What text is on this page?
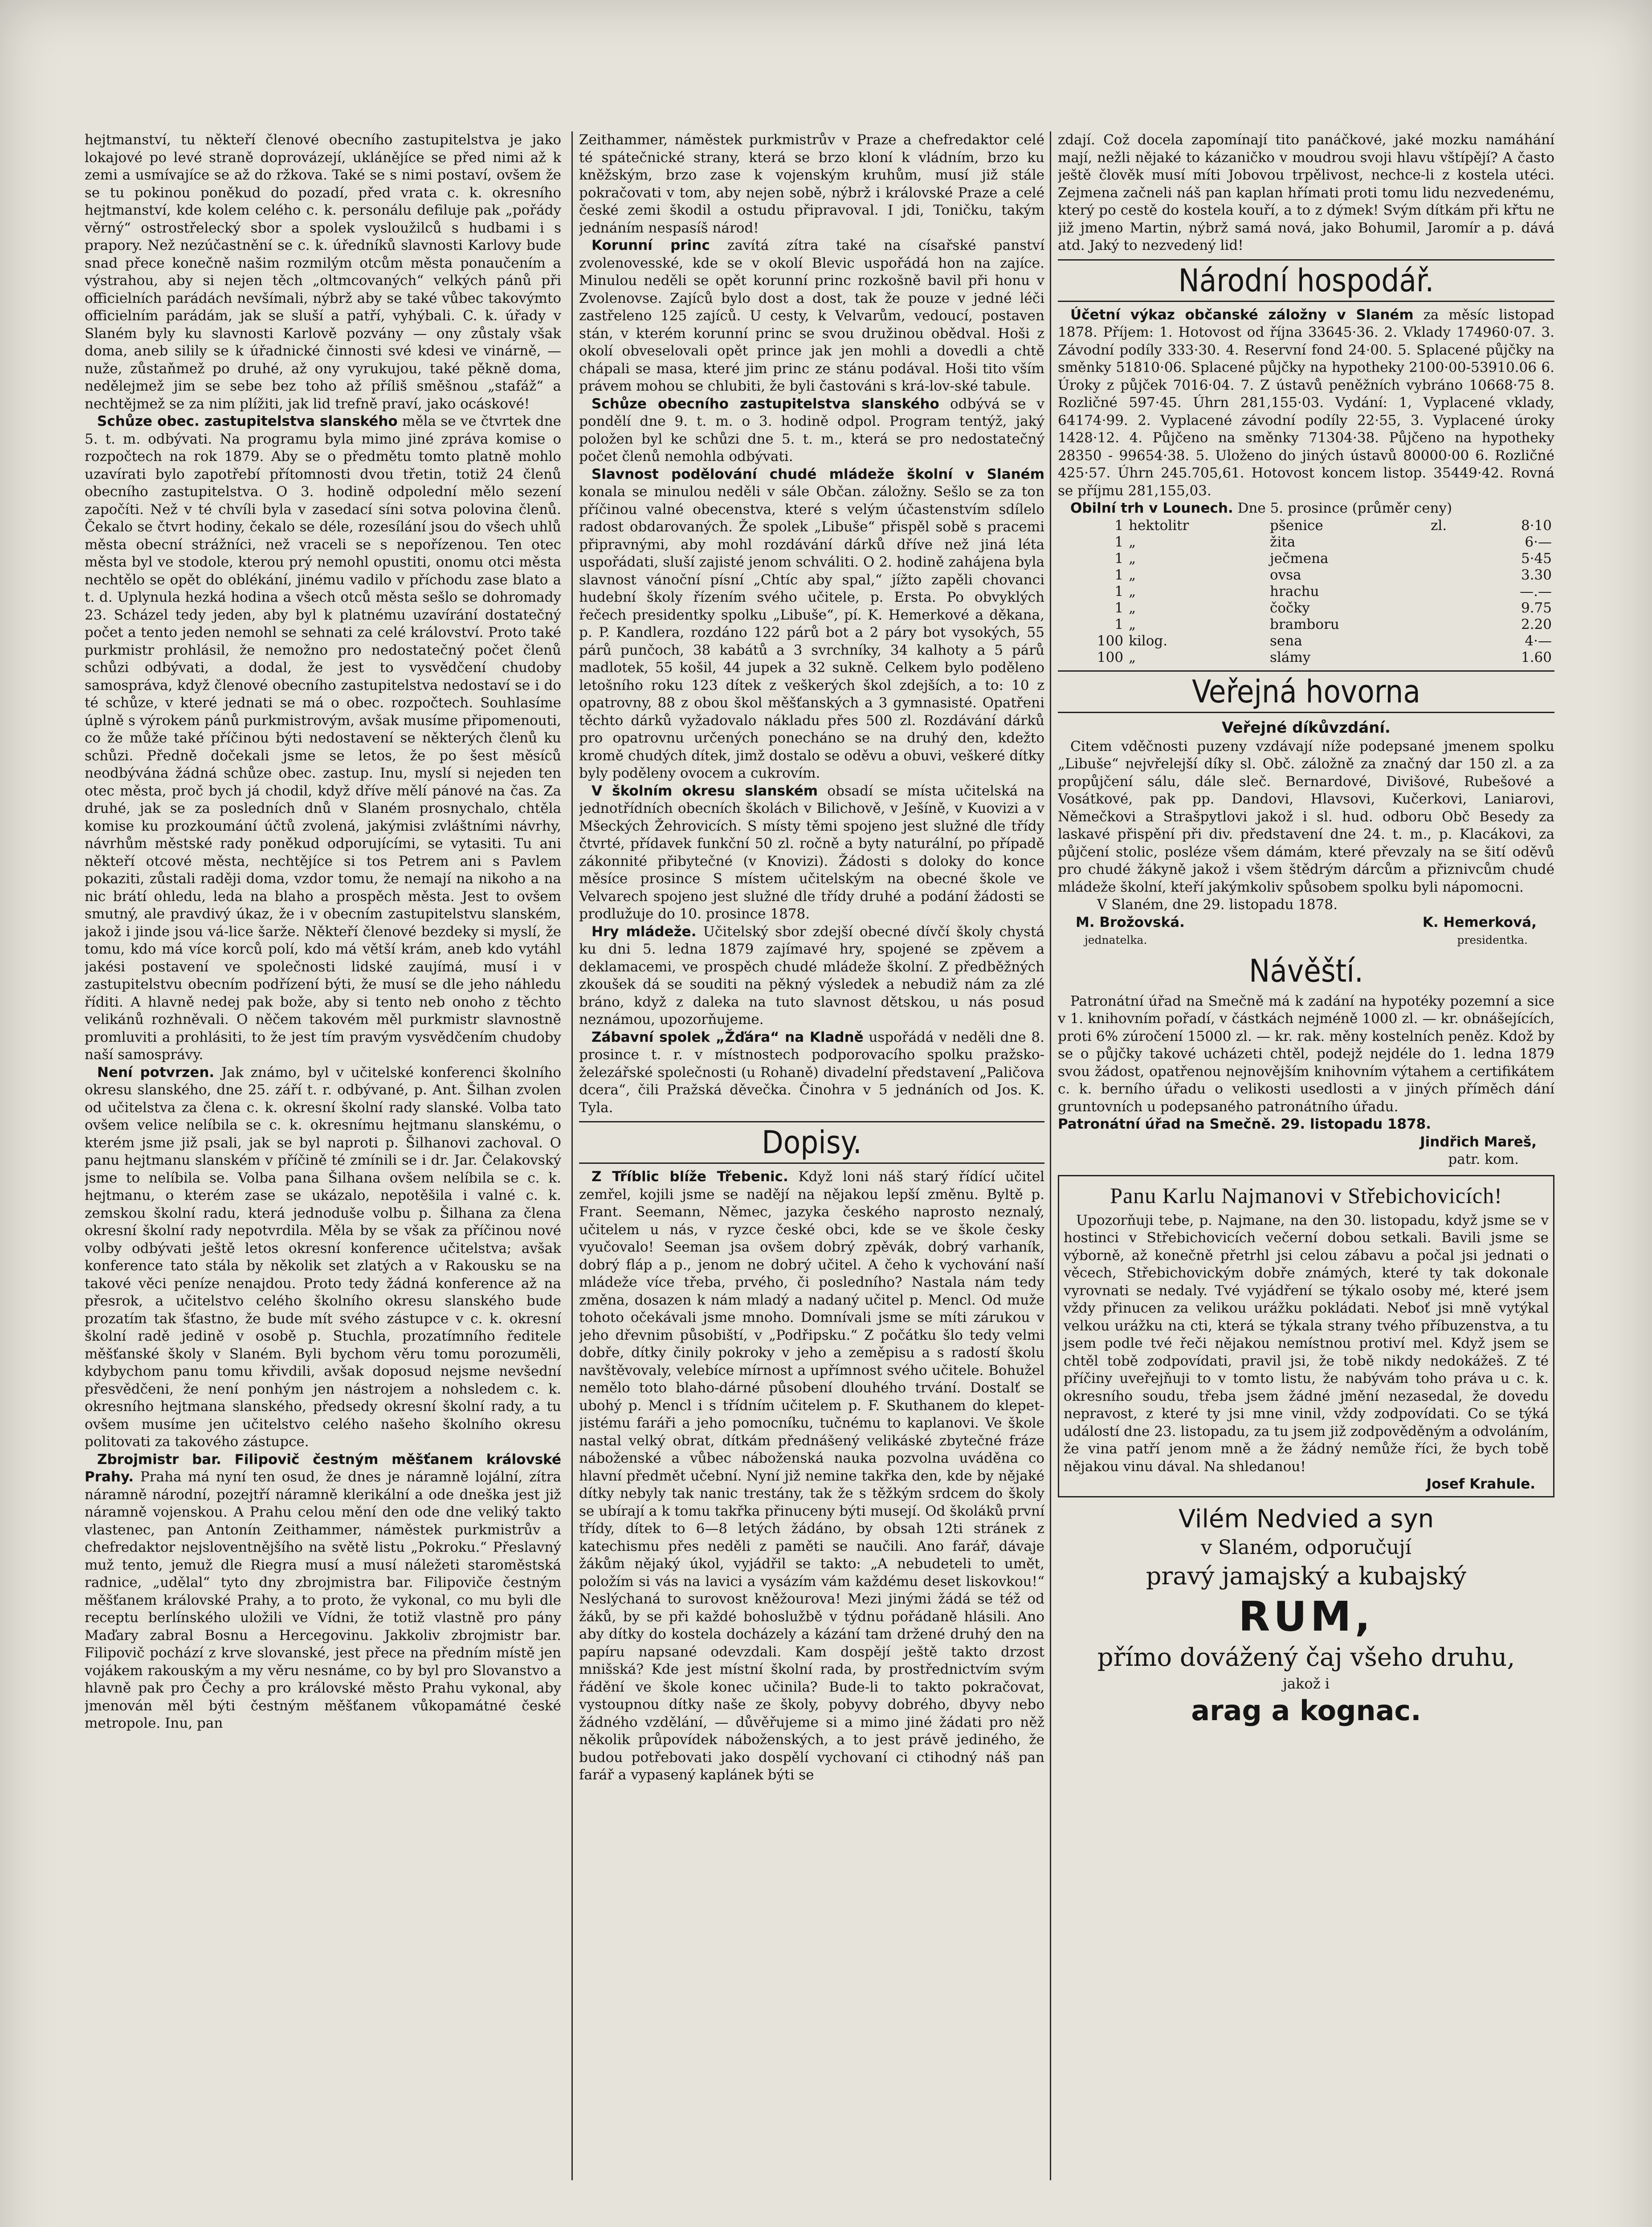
hejtmanství, tu někteří členové obecního zastupitelstva je jako lokajové po levé straně doprovázejí, uklánějíce se před nimi až k zemi a usmívajíce se až do ržkova. Také se s nimi postaví, ovšem že se tu pokinou poněkud do pozadí, před vrata c. k. okresního hejtmanství, kde kolem celého c. k. personálu defiluje pak „pořády věrný“ ostrostřelecký sbor a spolek vysloužilců s hudbami i s prapory. Než nezúčastnění se c. k. úředníků slavnosti Karlovy bude snad přece konečně našim rozmilým otcům města ponaučením a výstrahou, aby si nejen těch „oltmcovaných“ velkých pánů při officielních parádách nevšímali, nýbrž aby se také vůbec takovýmto officielním parádám, jak se sluší a patří, vyhýbali. C. k. úřady v Slaném byly ku slavnosti Karlově pozvány — ony zůstaly však doma, aneb silily se k úřadnické činnosti své kdesi ve vinárně, — nuže, zůstaňmež po druhé, až ony vyrukujou, také pěkně doma, nedělejmež jim se sebe bez toho až příliš směšnou „stafáž“ a nechtějmež se za nim plížiti, jak lid trefně praví, jako ocáskové!

Schůze obec. zastupitelstva slanského měla se ve čtvrtek dne 5. t. m. odbývati. Na programu byla mimo jiné zpráva komise o rozpočtech na rok 1879. Aby se o předmětu tomto platně mohlo uzavírati bylo zapotřebí přítomnosti dvou třetin, totiž 24 členů obecního zastupitelstva. O 3. hodině odpolední mělo sezení započíti. Než v té chvíli byla v zasedací síni sotva polovina členů. Čekalo se čtvrt hodiny, čekalo se déle, rozesílání jsou do všech uhlů města obecní strážníci, než vraceli se s nepořízenou. Ten otec města byl ve stodole, kterou prý nemohl opustiti, onomu otci města nechtělo se opět do oblékání, jinému vadilo v příchodu zase blato a t. d. Uplynula hezká hodina a všech otců města sešlo se dohromady 23. Scházel tedy jeden, aby byl k platnému uzavírání dostatečný počet a tento jeden nemohl se sehnati za celé království. Proto také purkmistr prohlásil, že nemožno pro nedostatečný počet členů schůzi odbývati, a dodal, že jest to vysvědčení chudoby samospráva, když členové obecního zastupitelstva nedostaví se i do té schůze, v které jednati se má o obec. rozpočtech. Souhlasíme úplně s výrokem pánů purkmistrovým, avšak musíme připomenouti, co že může také příčinou býti nedostavení se některých členů ku schůzi. Předně dočekali jsme se letos, že po šest měsíců neodbývána žádná schůze obec. zastup. Inu, myslí si nejeden ten otec města, proč bych já chodil, když dříve mělí pánové na čas. Za druhé, jak se za posledních dnů v Slaném prosnychalo, chtěla komise ku prozkoumání účtů zvolená, jakýmisi zvláštními návrhy, návrhům městské rady poněkud odporujícími, se vytasiti. Tu ani někteří otcové města, nechtějíce si tos Petrem ani s Pavlem pokaziti, zůstali raději doma, vzdor tomu, že nemají na nikoho a na nic brátí ohledu, leda na blaho a prospěch města. Jest to ovšem smutný, ale pravdivý úkaz, že i v obecním zastupitelstvu slanském, jakož i jinde jsou vá-lice šarže. Někteří členové bezdeky si myslí, že tomu, kdo má více korců polí, kdo má větší krám, aneb kdo vytáhl jakési postavení ve společnosti lidské zaujímá, musí i v zastupitelstvu obecním podřízení býti, že musí se dle jeho náhledu říditi. A hlavně nedej pak bože, aby si tento neb onoho z těchto velikánů rozhněvali. O něčem takovém měl purkmistr slavnostně promluviti a prohlásiti, to že jest tím pravým vysvědčením chudoby naší samosprávy.

Není potvrzen. Jak známo, byl v učitelské konferenci školního okresu slanského, dne 25. září t. r. odbývané, p. Ant. Šilhan zvolen od učitelstva za člena c. k. okresní školní rady slanské. Volba tato ovšem velice nelíbila se c. k. okresnímu hejtmanu slanskému, o kterém jsme již psali, jak se byl naproti p. Šilhanovi zachoval. O panu hejtmanu slanském v příčině té zmínili se i dr. Jar. Čelakovský jsme to nelíbila se. Volba pana Šilhana ovšem nelíbila se c. k. hejtmanu, o kterém zase se ukázalo, nepotěšila i valné c. k. zemskou školní radu, která jednoduše volbu p. Šilhana za člena okresní školní rady nepotvrdila. Měla by se však za příčinou nové volby odbývati ještě letos okresní konference učitelstva; avšak konference tato stála by několik set zlatých a v Rakousku se na takové věci peníze nenajdou. Proto tedy žádná konference až na přesrok, a učitelstvo celého školního okresu slanského bude prozatím tak šťastno, že bude mít svého zástupce v c. k. okresní školní radě jedině v osobě p. Stuchla, prozatímního ředitele měšťanské školy v Slaném. Byli bychom věru tomu porozuměli, kdybychom panu tomu křivdili, avšak doposud nejsme nevšední přesvědčeni, že není ponhým jen nástrojem a nohsledem c. k. okresního hejtmana slanského, předsedy okresní školní rady, a tu ovšem musíme jen učitelstvo celého našeho školního okresu politovati za takového zástupce.

Zbrojmistr bar. Filipovič čestným měšťanem královské Prahy. Praha má nyní ten osud, že dnes je náramně lojální, zítra náramně národní, pozejtří náramně klerikální a ode dneška jest již náramně vojenskou. A Prahu celou mění den ode dne veliký takto vlastenec, pan Antonín Zeithammer, náměstek purkmistrův a chefredaktor nejsloventnějšího na světě listu „Pokroku.“ Přeslavný muž tento, jemuž dle Riegra musí a musí náležeti staroměstská radnice, „udělal“ tyto dny zbrojmistra bar. Filipoviče čestným měšťanem královské Prahy, a to proto, že vykonal, co mu byli dle receptu berlínského uložili ve Vídni, že totiž vlastně pro pány Maďary zabral Bosnu a Hercegovinu. Jakkoliv zbrojmistr bar. Filipovič pochází z krve slovanské, jest přece na předním místě jen vojákem rakouským a my věru nesnáme, co by byl pro Slovanstvo a hlavně pak pro Čechy a pro královské město Prahu vykonal, aby jmenován měl býti čestným měšťanem vůkopamátné české metropole. Inu, pan

Zeithammer, náměstek purkmistrův v Praze a chefredaktor celé té spátečnické strany, která se brzo kloní k vládním, brzo ku kněžským, brzo zase k vojenským kruhům, musí již stále pokračovati v tom, aby nejen sobě, nýbrž i královské Praze a celé české zemi škodil a ostudu připravoval. I jdi, Toničku, takým jednáním nespasíš národ!

Korunní princ zavítá zítra také na císařské panství zvolenovesské, kde se v okolí Blevic uspořádá hon na zajíce. Minulou neděli se opět korunní princ rozkošně bavil při honu v Zvolenovse. Zajíců bylo dost a dost, tak že pouze v jedné léči zastřeleno 125 zajíců. U cesty, k Velvarům, vedoucí, postaven stán, v kterém korunní princ se svou družinou obědval. Hoši z okolí obveselovali opět prince jak jen mohli a dovedli a chtě chápali se masa, které jim princ ze stánu podával. Hoši tito vším právem mohou se chlubiti, že byli častováni s krá-lov-ské tabule.

Schůze obecního zastupitelstva slanského odbývá se v pondělí dne 9. t. m. o 3. hodině odpol. Program tentýž, jaký položen byl ke schůzi dne 5. t. m., která se pro nedostatečný počet členů nemohla odbývati.

Slavnost podělování chudé mládeže školní v Slaném konala se minulou neděli v sále Občan. záložny. Sešlo se za ton příčinou valné obecenstva, které s velým účastenstvím sdílelo radost obdarovaných. Že spolek „Libuše“ přispěl sobě s pracemi připravnými, aby mohl rozdávání dárků dříve než jiná léta uspořádati, sluší zajisté jenom schváliti. O 2. hodině zahájena byla slavnost vánoční písní „Chtíc aby spal,“ jížto zapěli chovanci hudební školy řízením svého učitele, p. Ersta. Po obvyklých řečech presidentky spolku „Libuše“, pí. K. Hemerkové a děkana, p. P. Kandlera, rozdáno 122 párů bot a 2 páry bot vysokých, 55 párů punčoch, 38 kabátů a 3 svrchníky, 34 kalhoty a 5 párů madlotek, 55 košil, 44 jupek a 32 sukně. Celkem bylo poděleno letošního roku 123 dítek z veškerých škol zdejších, a to: 10 z opatrovny, 88 z obou škol měšťanských a 3 gymnasisté. Opatřeni těchto dárků vyžadovalo nákladu přes 500 zl. Rozdávání dárků pro opatrovnu určených ponecháno se na druhý den, kdežto kromě chudých dítek, jimž dostalo se oděvu a obuvi, veškeré dítky byly poděleny ovocem a cukrovím.

V školním okresu slanském obsadí se místa učitelská na jednotřídních obecních školách v Bilichově, v Ješíně, v Kuovizi a v Mšeckých Žehrovicích. S místy těmi spojeno jest služné dle třídy čtvrté, přídavek funkční 50 zl. ročně a byty naturální, po případě zákonnité přibytečné (v Knovizi). Žádosti s doloky do konce měsíce prosince S místem učitelským na obecné škole ve Velvarech spojeno jest služné dle třídy druhé a podání žádosti se prodlužuje do 10. prosince 1878.

Hry mládeže. Učitelský sbor zdejší obecné dívčí školy chystá ku dni 5. ledna 1879 zajímavé hry, spojené se zpěvem a deklamacemi, ve prospěch chudé mládeže školní. Z předběžných zkoušek dá se souditi na pěkný výsledek a nebudiž nám za zlé bráno, když z daleka na tuto slavnost dětskou, u nás posud neznámou, upozorňujeme.

Zábavní spolek „Žďára“ na Kladně uspořádá v neděli dne 8. prosince t. r. v místnostech podporovacího spolku pražsko-železářské společnosti (u Rohaně) divadelní představení „Paličova dcera“, čili Pražská děvečka. Činohra v 5 jednáních od Jos. K. Tyla.

Dopisy.

Z Tříblic blíže Třebenic. Když loni náš starý řídící učitel zemřel, kojili jsme se nadějí na nějakou lepší změnu. Byltě p. Frant. Seemann, Němec, jazyka českého naprosto neznalý, učitelem u nás, v ryzce české obci, kde se ve škole česky vyučovalo! Seeman jsa ovšem dobrý zpěvák, dobrý varhaník, dobrý fláp a p., jenom ne dobrý učitel. A čeho k vychování naší mládeže více třeba, prvého, či posledního? Nastala nám tedy změna, dosazen k nám mladý a nadaný učitel p. Mencl. Od muže tohoto očekávali jsme mnoho. Domnívali jsme se míti zárukou v jeho dřevnim působiští, v „Podřipsku.“ Z počátku šlo tedy velmi dobře, dítky činily pokroky v jeho a zeměpisu a s radostí školu navštěvovaly, velebíce mírnost a upřímnost svého učitele. Bohužel nemělo toto blaho-dárné působení dlouhého trvání. Dostalť se ubohý p. Mencl i s třídním učitelem p. F. Skuthanem do klepet-jistému faráři a jeho pomocníku, tučnému to kaplanovi. Ve škole nastal velký obrat, dítkám přednášený velikáské zbytečné fráze náboženské a vůbec náboženská nauka pozvolna uváděna co hlavní předmět učební. Nyní již nemine takřka den, kde by nějaké dítky nebyly tak nanic trestány, tak že s těžkým srdcem do školy se ubírají a k tomu takřka přinuceny býti musejí. Od školáků první třídy, dítek to 6—8 letých žádáno, by obsah 12ti stránek z katechismu přes neděli z paměti se naučili. Ano farář, dávaje žákům nějaký úkol, vyjádřil se takto: „A nebudeteli to umět, položím si vás na lavici a vysázím vám každému deset liskovkou!“ Neslýchaná to surovost kněžourova! Mezi jinými žádá se též od žáků, by se při každé bohoslužbě v týdnu pořádaně hlásili. Ano aby dítky do kostela docházely a kázání tam držené druhý den na papíru napsané odevzdali. Kam dospějí ještě takto drzost mnišská? Kde jest místní školní rada, by prostřednictvím svým řádění ve škole konec učinila? Bude-li to takto pokračovat, vystoupnou dítky naše ze školy, pobyvy dobrého, dbyvy nebo žádného vzdělání, — důvěřujeme si a mimo jiné žádati pro něž několik průpovídek náboženských, a to jest právě jediného, že budou potřebovati jako dospělí vychovaní ci ctihodný náš pan farář a vypasený kaplánek býti se

zdají. Což docela zapomínají tito panáčkové, jaké mozku namáhání mají, nežli nějaké to kázaničko v moudrou svoji hlavu vštípějí? A často ještě člověk musí míti Jobovou trpělivost, nechce-li z kostela utéci. Zejmena začneli náš pan kaplan hřímati proti tomu lidu nezvedenému, který po cestě do kostela kouří, a to z dýmek! Svým dítkám při křtu ne již jmeno Martin, nýbrž samá nová, jako Bohumil, Jaromír a p. dává atd. Jaký to nezvedený lid!

Národní hospodář.

Účetní výkaz občanské záložny v Slaném za měsíc listopad 1878. Příjem: 1. Hotovost od října 33645·36. 2. Vklady 174960·07. 3. Závodní podíly 333·30. 4. Reservní fond 24·00. 5. Splacené půjčky na směnky 51810·06. Splacené půjčky na hypotheky 2100·00-53910.06 6. Úroky z půjček 7016·04. 7. Z ústavů peněžních vybráno 10668·75 8. Rozličné 597·45. Úhrn 281,155·03. Vydání: 1, Vyplacené vklady, 64174·99. 2. Vyplacené závodní podíly 22·55, 3. Vyplacené úroky 1428·12. 4. Půjčeno na směnky 71304·38. Půjčeno na hypotheky 28350 - 99654·38. 5. Uloženo do jiných ústavů 80000·00 6. Rozličné 425·57. Úhrn 245.705,61. Hotovost koncem listop. 35449·42. Rovná se příjmu 281,155,03.

Obilní trh v Lounech. Dne 5. prosince (průměr ceny)

1	hektolitr	pšenice	zl.	8·10
1	„	žita		6·—
1	„	ječmena		5·45
1	„	ovsa		3.30
1	„	hrachu		—.—
1	„	čočky		9.75
1	„	bramboru		2.20
100	kilog.	sena		4·—
100	„	slámy		1.60
Veřejná hovorna
Veřejné díkůvzdání.

Citem vděčnosti puzeny vzdávají níže podepsané jmenem spolku „Libuše“ nejvřelejší díky sl. Obč. záložně za značný dar 150 zl. a za propůjčení sálu, dále sleč. Bernardové, Divišové, Rubešové a Vosátkové, pak pp. Dandovi, Hlavsovi, Kučerkovi, Laniarovi, Němečkovi a Strašpytlovi jakož i sl. hud. odboru Obč Besedy za laskavé přispění při div. představení dne 24. t. m., p. Klacákovi, za půjčení stolic, posléze všem dámám, které převzaly na se šití oděvů pro chudé žákyně jakož i všem štědrým dárcům a přiznivcům chudé mládeže školní, kteří jakýmkoliv spůsobem spolku byli nápomocni.

V Slaném, dne 29. listopadu 1878.

M. Brožovská.	K. Hemerková,
jednatelka.	presidentka.
Návěští.

Patronátní úřad na Smečně má k zadání na hypotéky pozemní a sice v 1. knihovním pořadí, v částkách nejméně 1000 zl. — kr. obnášejících, proti 6% zúročení 15000 zl. — kr. rak. měny kostelních peněz. Kdož by se o půjčky takové ucházeti chtěl, podejž nejdéle do 1. ledna 1879 svou žádost, opatřenou nejnovějším knihovním výtahem a certifikátem c. k. berního úřadu o velikosti usedlosti a v jiných příměch dání gruntovních u podepsaného patronátního úřadu.

Patronátní úřad na Smečně. 29. listopadu 1878.

Jindřich Mareš,
patr. kom.
Panu Karlu Najmanovi v Střebichovicích!

Upozorňuji tebe, p. Najmane, na den 30. listopadu, když jsme se v hostinci v Střebichovicích večerní dobou setkali. Bavili jsme se výborně, až konečně přetrhl jsi celou zábavu a počal jsi jednati o věcech, Střebichovickým dobře známých, které ty tak dokonale vyrovnati se nedaly. Tvé vyjádření se týkalo osoby mé, které jsem vždy přinucen za velikou urážku pokládati. Neboť jsi mně vytýkal velkou urážku na cti, která se týkala strany tvého příbuzenstva, a tu jsem podle tvé řeči nějakou nemístnou protiví mel. Když jsem se chtěl tobě zodpovídati, pravil jsi, že tobě nikdy nedokážeš. Z té příčiny uveřejňuji to v tomto listu, že nabývám toho práva u c. k. okresního soudu, třeba jsem žádné jmění nezasedal, že dovedu nepravost, z které ty jsi mne vinil, vždy zodpovídati. Co se týká událostí dne 23. listopadu, za tu jsem již zodpověděným a odvoláním, že vina patří jenom mně a že žádný nemůže říci, že bych tobě nějakou vinu dával. Na shledanou!

Josef Krahule.
Vilém Nedvied a syn
v Slaném, odporučují
pravý jamajský a kubajský
RUM,
přímo dovážený čaj všeho druhu,
jakož i
arag a kognac.
